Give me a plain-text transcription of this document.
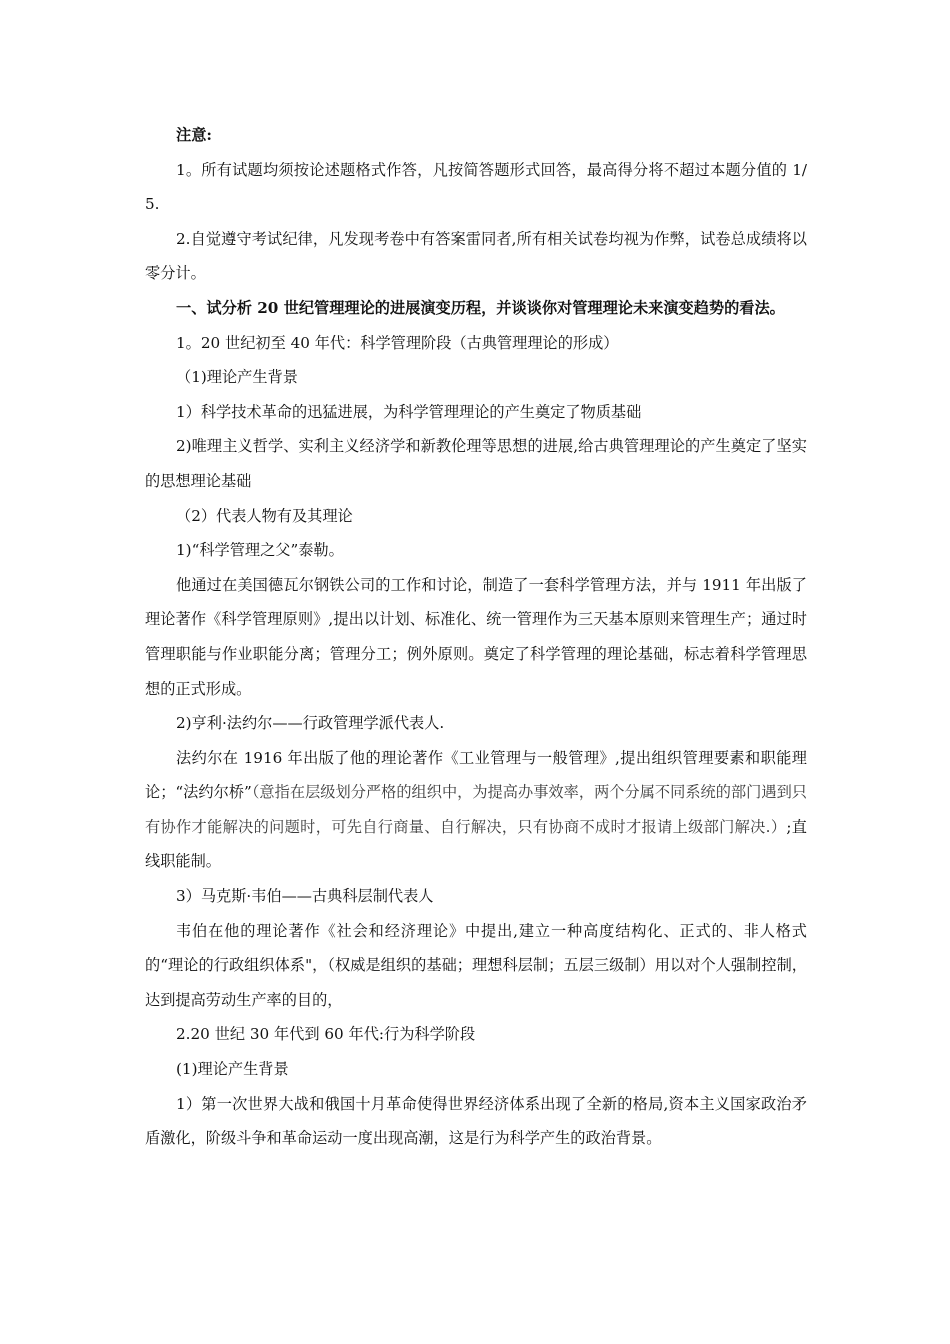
注意:

1。所有试题均须按论述题格式作答，凡按简答题形式回答，最高得分将不超过本题分值的 1/5.

2.自觉遵守考试纪律，凡发现考卷中有答案雷同者,所有相关试卷均视为作弊，试卷总成绩将以零分计。

一、试分析 20 世纪管理理论的进展演变历程，并谈谈你对管理理论未来演变趋势的看法。

1。20 世纪初至 40 年代：科学管理阶段（古典管理理论的形成）

（1)理论产生背景

1）科学技术革命的迅猛进展，为科学管理理论的产生奠定了物质基础

2)唯理主义哲学、实利主义经济学和新教伦理等思想的进展,给古典管理理论的产生奠定了坚实的思想理论基础

（2）代表人物有及其理论

1)“科学管理之父”泰勒。

他通过在美国德瓦尔钢铁公司的工作和讨论，制造了一套科学管理方法，并与 1911 年出版了理论著作《科学管理原则》,提出以计划、标准化、统一管理作为三天基本原则来管理生产；通过时管理职能与作业职能分离；管理分工；例外原则。奠定了科学管理的理论基础，标志着科学管理思想的正式形成。

2)亨利·法约尔——行政管理学派代表人.

法约尔在 1916 年出版了他的理论著作《工业管理与一般管理》,提出组织管理要素和职能理论；“法约尔桥”（意指在层级划分严格的组织中，为提高办事效率，两个分属不同系统的部门遇到只有协作才能解决的问题时，可先自行商量、自行解决，只有协商不成时才报请上级部门解决.）;直线职能制。

3）马克斯·韦伯——古典科层制代表人

韦伯在他的理论著作《社会和经济理论》中提出,建立一种高度结构化、正式的、非人格式的“理论的行政组织体系"，（权威是组织的基础；理想科层制；五层三级制）用以对个人强制控制，达到提高劳动生产率的目的，

2.20 世纪 30 年代到 60 年代:行为科学阶段

(1)理论产生背景

1）第一次世界大战和俄国十月革命使得世界经济体系出现了全新的格局,资本主义国家政治矛盾激化，阶级斗争和革命运动一度出现高潮，这是行为科学产生的政治背景。
